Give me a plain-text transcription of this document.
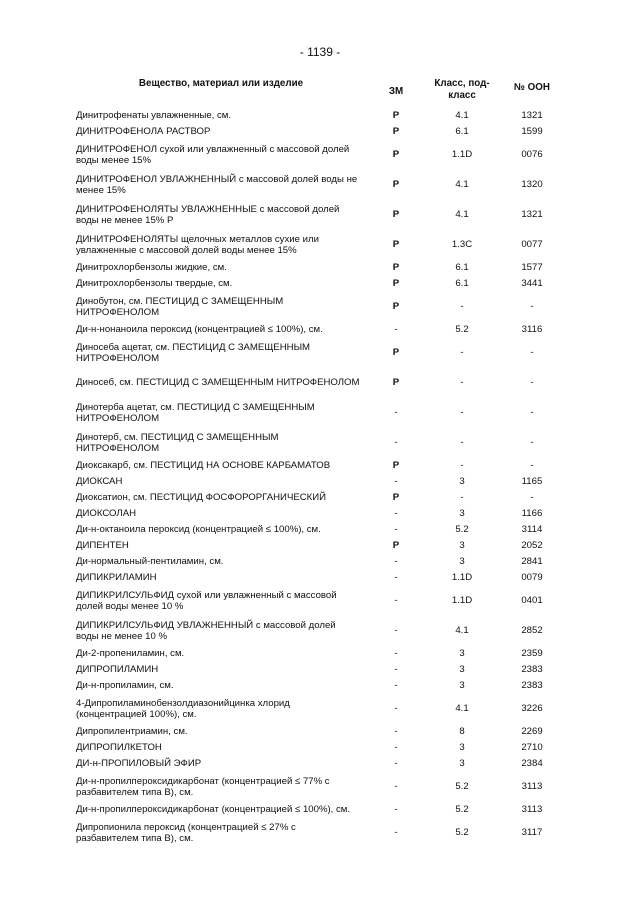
- 1139 -
Вещество, материал или изделие	ЗМ	Класс, под-класс	№ ООН
Динитрофенаты увлажненные, см.	Р	4.1	1321
ДИНИТРОФЕНОЛА РАСТВОР	Р	6.1	1599
ДИНИТРОФЕНОЛ сухой или увлажненный с массовой долей воды менее 15%	Р	1.1D	0076
ДИНИТРОФЕНОЛ УВЛАЖНЕННЫЙ с массовой долей воды не менее 15%	Р	4.1	1320
ДИНИТРОФЕНОЛЯТЫ УВЛАЖНЕННЫЕ с массовой долей воды не менее 15% Р	Р	4.1	1321
ДИНИТРОФЕНОЛЯТЫ щелочных металлов сухие или увлажненные с массовой долей воды менее 15%	Р	1.3С	0077
Динитрохлорбензолы жидкие, см.	Р	6.1	1577
Динитрохлорбензолы твердые, см.	Р	6.1	3441
Динобутон, см. ПЕСТИЦИД С ЗАМЕЩЕННЫМ НИТРОФЕНОЛОМ	Р	-	-
Ди-н-нонаноила пероксид (концентрацией ≤ 100%), см.	-	5.2	3116
Диносеба ацетат, см. ПЕСТИЦИД С ЗАМЕЩЕННЫМ НИТРОФЕНОЛОМ	Р	-	-
Диносеб, см. ПЕСТИЦИД С ЗАМЕЩЕННЫМ НИТРОФЕНОЛОМ	Р	-	-
Динотерба ацетат, см. ПЕСТИЦИД С ЗАМЕЩЕННЫМ НИТРОФЕНОЛОМ	-	-	-
Динотерб, см. ПЕСТИЦИД С ЗАМЕЩЕННЫМ НИТРОФЕНОЛОМ	-	-	-
Диоксакарб, см. ПЕСТИЦИД НА ОСНОВЕ КАРБАМАТОВ	Р	-	-
ДИОКСАН	-	3	1165
Диоксатион, см. ПЕСТИЦИД ФОСФОРОРГАНИЧЕСКИЙ	Р	-	-
ДИОКСОЛАН	-	3	1166
Ди-н-октаноила пероксид (концентрацией ≤ 100%), см.	-	5.2	3114
ДИПЕНТЕН	Р	3	2052
Ди-нормальный-пентиламин, см.	-	3	2841
ДИПИКРИЛАМИН	-	1.1D	0079
ДИПИКРИЛСУЛЬФИД сухой или увлажненный с массовой долей воды менее 10 %	-	1.1D	0401
ДИПИКРИЛСУЛЬФИД УВЛАЖНЕННЫЙ с массовой долей воды не менее 10 %	-	4.1	2852
Ди-2-пропениламин, см.	-	3	2359
ДИПРОПИЛАМИН	-	3	2383
Ди-н-пропиламин, см.	-	3	2383
4-Дипропиламинобензолдиазонийцинка хлорид (концентрацией 100%), см.	-	4.1	3226
Дипропилентриамин, см.	-	8	2269
ДИПРОПИЛКЕТОН	-	3	2710
ДИ-н-ПРОПИЛОВЫЙ ЭФИР	-	3	2384
Ди-н-пропилпероксидикарбонат (концентрацией ≤ 77% с разбавителем типа В), см.	-	5.2	3113
Ди-н-пропилпероксидикарбонат (концентрацией ≤ 100%), см.	-	5.2	3113
Дипропионила пероксид (концентрацией ≤ 27% с разбавителем типа В), см.	-	5.2	3117
